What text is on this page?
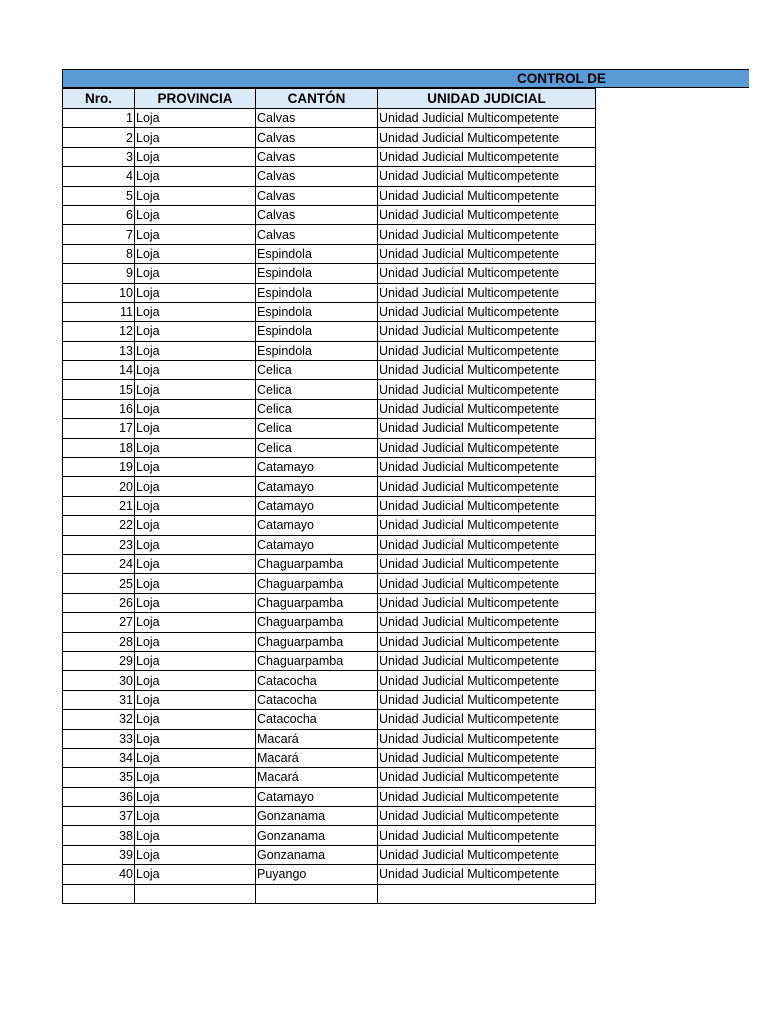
CONTROL DE
Nro.	PROVINCIA	CANTÓN	UNIDAD JUDICIAL
1	Loja	Calvas	Unidad Judicial Multicompetente
2	Loja	Calvas	Unidad Judicial Multicompetente
3	Loja	Calvas	Unidad Judicial Multicompetente
4	Loja	Calvas	Unidad Judicial Multicompetente
5	Loja	Calvas	Unidad Judicial Multicompetente
6	Loja	Calvas	Unidad Judicial Multicompetente
7	Loja	Calvas	Unidad Judicial Multicompetente
8	Loja	Espindola	Unidad Judicial Multicompetente
9	Loja	Espindola	Unidad Judicial Multicompetente
10	Loja	Espindola	Unidad Judicial Multicompetente
11	Loja	Espindola	Unidad Judicial Multicompetente
12	Loja	Espindola	Unidad Judicial Multicompetente
13	Loja	Espindola	Unidad Judicial Multicompetente
14	Loja	Celica	Unidad Judicial Multicompetente
15	Loja	Celica	Unidad Judicial Multicompetente
16	Loja	Celica	Unidad Judicial Multicompetente
17	Loja	Celica	Unidad Judicial Multicompetente
18	Loja	Celica	Unidad Judicial Multicompetente
19	Loja	Catamayo	Unidad Judicial Multicompetente
20	Loja	Catamayo	Unidad Judicial Multicompetente
21	Loja	Catamayo	Unidad Judicial Multicompetente
22	Loja	Catamayo	Unidad Judicial Multicompetente
23	Loja	Catamayo	Unidad Judicial Multicompetente
24	Loja	Chaguarpamba	Unidad Judicial Multicompetente
25	Loja	Chaguarpamba	Unidad Judicial Multicompetente
26	Loja	Chaguarpamba	Unidad Judicial Multicompetente
27	Loja	Chaguarpamba	Unidad Judicial Multicompetente
28	Loja	Chaguarpamba	Unidad Judicial Multicompetente
29	Loja	Chaguarpamba	Unidad Judicial Multicompetente
30	Loja	Catacocha	Unidad Judicial Multicompetente
31	Loja	Catacocha	Unidad Judicial Multicompetente
32	Loja	Catacocha	Unidad Judicial Multicompetente
33	Loja	Macará	Unidad Judicial Multicompetente
34	Loja	Macará	Unidad Judicial Multicompetente
35	Loja	Macará	Unidad Judicial Multicompetente
36	Loja	Catamayo	Unidad Judicial Multicompetente
37	Loja	Gonzanama	Unidad Judicial Multicompetente
38	Loja	Gonzanama	Unidad Judicial Multicompetente
39	Loja	Gonzanama	Unidad Judicial Multicompetente
40	Loja	Puyango	Unidad Judicial Multicompetente
